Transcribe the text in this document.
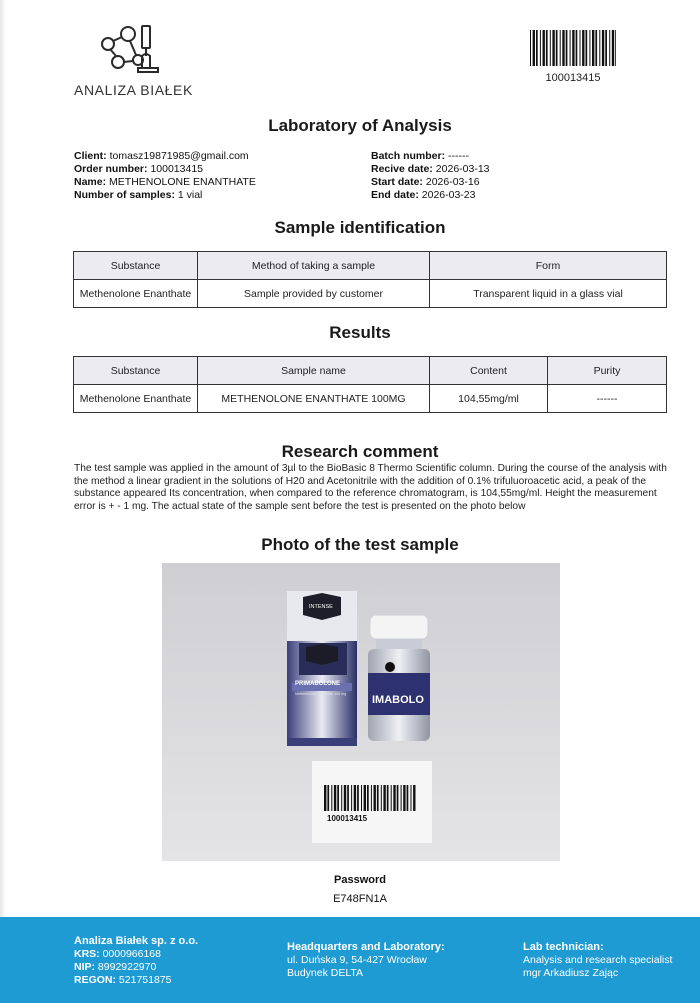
ANALIZA BIAŁEK
100013415
Laboratory of Analysis
Client: tomasz19871985@gmail.com
Order number: 100013415
Name: METHENOLONE ENANTHATE
Number of samples: 1 vial
Batch number: ------
Recive date: 2026-03-13
Start date: 2026-03-16
End date: 2026-03-23
Sample identification
Substance	Method of taking a sample	Form
Methenolone Enanthate	Sample provided by customer	Transparent liquid in a glass vial
Results
Substance	Sample name	Content	Purity
Methenolone Enanthate	METHENOLONE ENANTHATE 100MG	104,55mg/ml	------
Research comment
The test sample was applied in the amount of 3µl to the BioBasic 8 Thermo Scientific column. During the course of the analysis with the method a linear gradient in the solutions of H20 and Acetonitrile with the addition of 0.1% trifuluoroacetic acid, a peak of the substance appeared Its concentration, when compared to the reference chromatogram, is 104,55mg/ml. Height the measurement error is + - 1 mg. The actual state of the sample sent before the test is presented on the photo below
Photo of the test sample
100013415
INTENSE
PRIMABOLONE
Methenolone Enanthate 100 mg IMABOLO
Password
E748FN1A
Analiza Białek sp. z o.o.
KRS: 0000966168
NIP: 8992922970
REGON: 521751875
Headquarters and Laboratory:
ul. Duńska 9, 54-427 Wrocław
Budynek DELTA
Lab technician:
Analysis and research specialist
mgr Arkadiusz Zając
